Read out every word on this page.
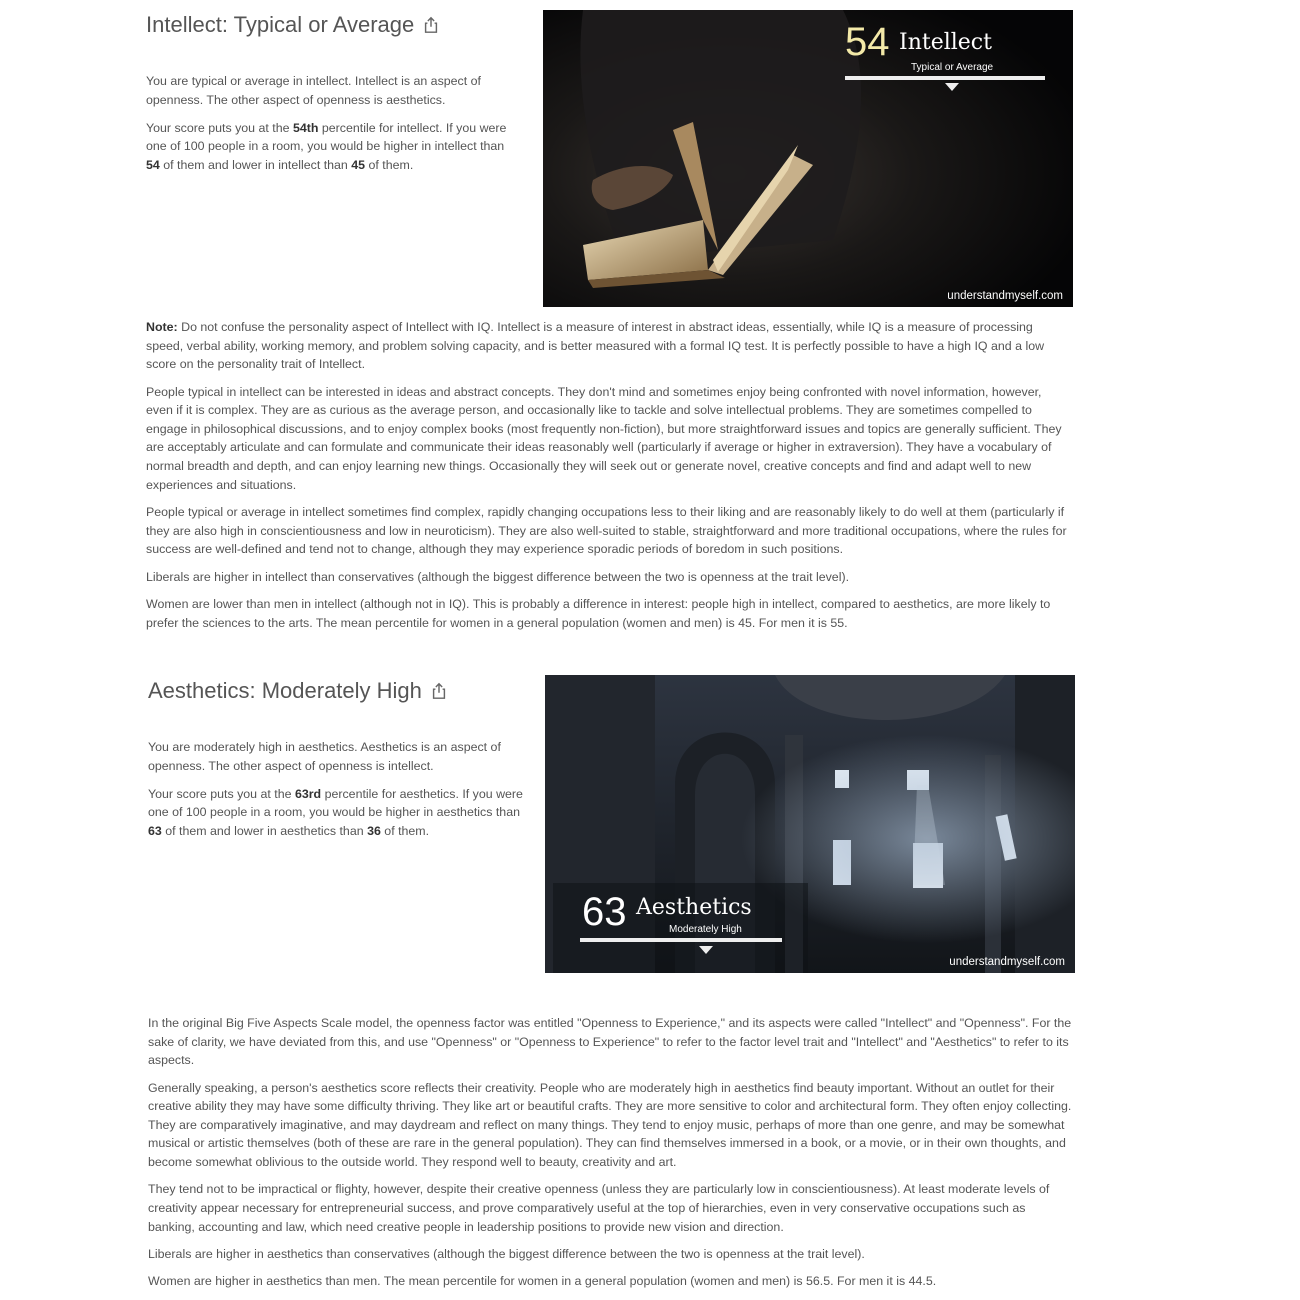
Intellect: Typical or Average

You are typical or average in intellect. Intellect is an aspect of openness. The other aspect of openness is aesthetics.

Your score puts you at the 54th percentile for intellect. If you were one of 100 people in a room, you would be higher in intellect than 54 of them and lower in intellect than 45 of them.

54 Intellect
Typical or Average
understandmyself.com

Note: Do not confuse the personality aspect of Intellect with IQ. Intellect is a measure of interest in abstract ideas, essentially, while IQ is a measure of processing speed, verbal ability, working memory, and problem solving capacity, and is better measured with a formal IQ test. It is perfectly possible to have a high IQ and a low score on the personality trait of Intellect.

People typical in intellect can be interested in ideas and abstract concepts. They don't mind and sometimes enjoy being confronted with novel information, however, even if it is complex. They are as curious as the average person, and occasionally like to tackle and solve intellectual problems. They are sometimes compelled to engage in philosophical discussions, and to enjoy complex books (most frequently non-fiction), but more straightforward issues and topics are generally sufficient. They are acceptably articulate and can formulate and communicate their ideas reasonably well (particularly if average or higher in extraversion). They have a vocabulary of normal breadth and depth, and can enjoy learning new things. Occasionally they will seek out or generate novel, creative concepts and find and adapt well to new experiences and situations.

People typical or average in intellect sometimes find complex, rapidly changing occupations less to their liking and are reasonably likely to do well at them (particularly if they are also high in conscientiousness and low in neuroticism). They are also well-suited to stable, straightforward and more traditional occupations, where the rules for success are well-defined and tend not to change, although they may experience sporadic periods of boredom in such positions.

Liberals are higher in intellect than conservatives (although the biggest difference between the two is openness at the trait level).

Women are lower than men in intellect (although not in IQ). This is probably a difference in interest: people high in intellect, compared to aesthetics, are more likely to prefer the sciences to the arts. The mean percentile for women in a general population (women and men) is 45. For men it is 55.

Aesthetics: Moderately High

You are moderately high in aesthetics. Aesthetics is an aspect of openness. The other aspect of openness is intellect.

Your score puts you at the 63rd percentile for aesthetics. If you were one of 100 people in a room, you would be higher in aesthetics than 63 of them and lower in aesthetics than 36 of them.

63 Aesthetics
Moderately High
understandmyself.com

In the original Big Five Aspects Scale model, the openness factor was entitled "Openness to Experience," and its aspects were called "Intellect" and "Openness". For the sake of clarity, we have deviated from this, and use "Openness" or "Openness to Experience" to refer to the factor level trait and "Intellect" and "Aesthetics" to refer to its aspects.

Generally speaking, a person's aesthetics score reflects their creativity. People who are moderately high in aesthetics find beauty important. Without an outlet for their creative ability they may have some difficulty thriving. They like art or beautiful crafts. They are more sensitive to color and architectural form. They often enjoy collecting. They are comparatively imaginative, and may daydream and reflect on many things. They tend to enjoy music, perhaps of more than one genre, and may be somewhat musical or artistic themselves (both of these are rare in the general population). They can find themselves immersed in a book, or a movie, or in their own thoughts, and become somewhat oblivious to the outside world. They respond well to beauty, creativity and art.

They tend not to be impractical or flighty, however, despite their creative openness (unless they are particularly low in conscientiousness). At least moderate levels of creativity appear necessary for entrepreneurial success, and prove comparatively useful at the top of hierarchies, even in very conservative occupations such as banking, accounting and law, which need creative people in leadership positions to provide new vision and direction.

Liberals are higher in aesthetics than conservatives (although the biggest difference between the two is openness at the trait level).

Women are higher in aesthetics than men. The mean percentile for women in a general population (women and men) is 56.5. For men it is 44.5.
